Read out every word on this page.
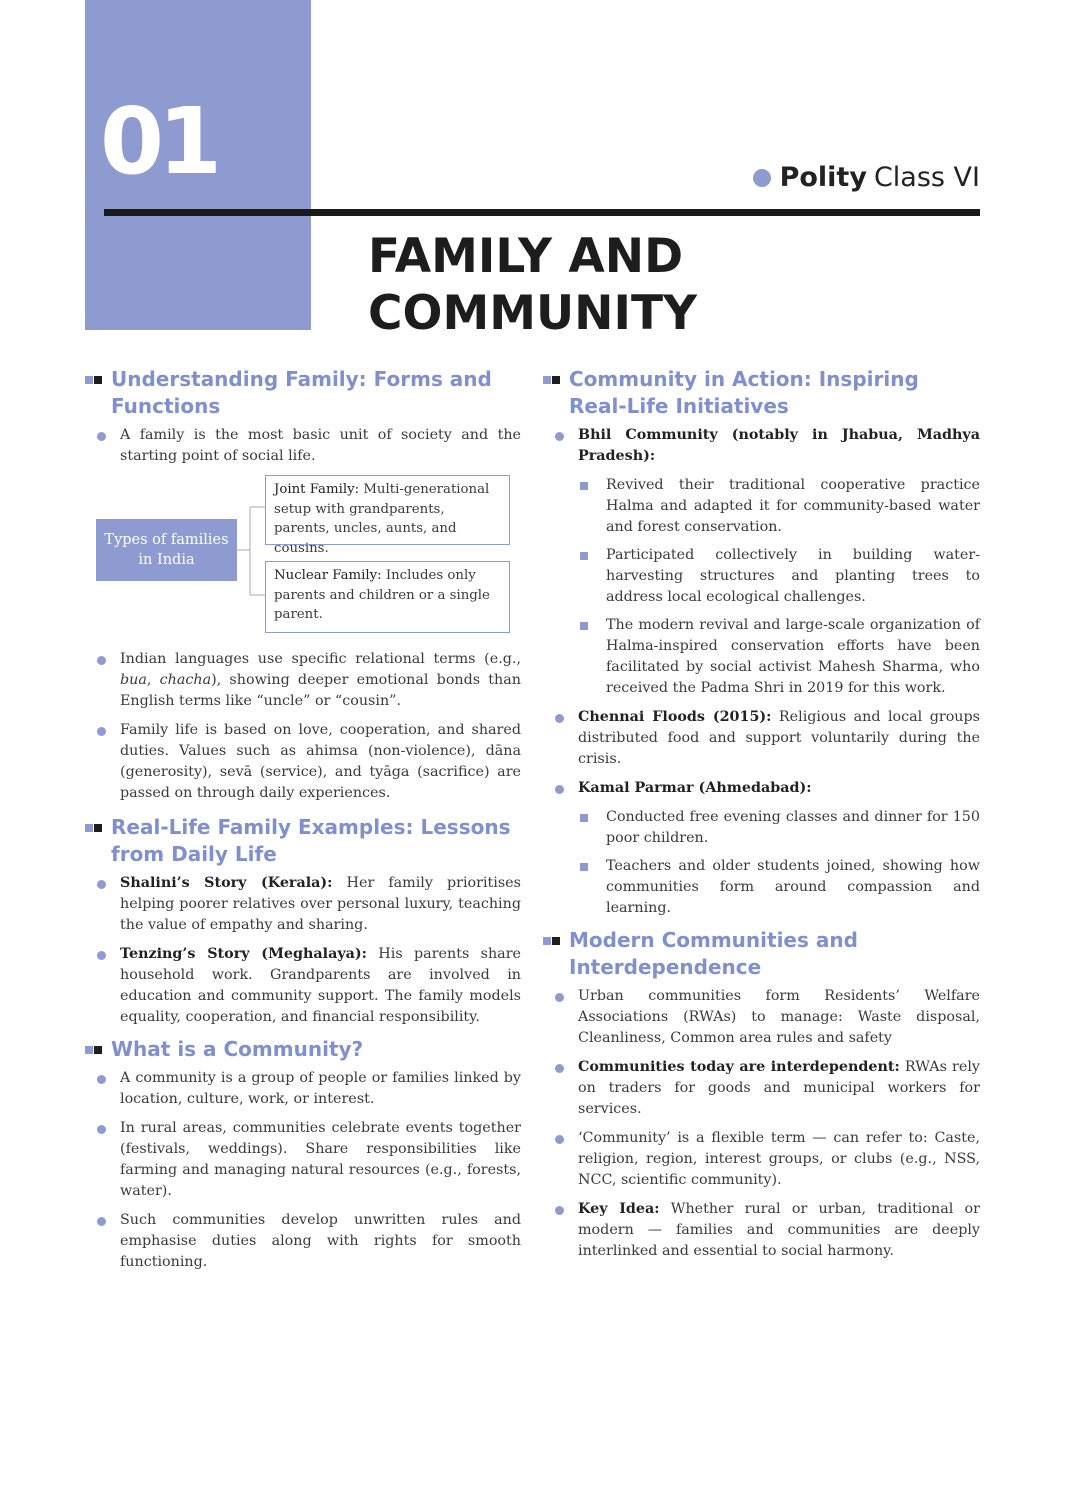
01	Polity Class VI
FAMILY AND
COMMUNITY
Understanding Family: Forms and Functions
A family is the most basic unit of society and the starting point of social life.
Types of families in India
Joint Family: Multi-generational setup with grandparents, parents, uncles, aunts, and cousins.
Nuclear Family: Includes only parents and children or a single parent.
Indian languages use specific relational terms (e.g., bua, chacha), showing deeper emotional bonds than English terms like “uncle” or “cousin”.
Family life is based on love, cooperation, and shared duties. Values such as ahimsa (non-violence), dāna (generosity), sevā (service), and tyāga (sacrifice) are passed on through daily experiences.
Real-Life Family Examples: Lessons from Daily Life
Shalini’s Story (Kerala): Her family prioritises helping poorer relatives over personal luxury, teaching the value of empathy and sharing.
Tenzing’s Story (Meghalaya): His parents share household work. Grandparents are involved in education and community support. The family models equality, cooperation, and financial responsibility.
What is a Community?
A community is a group of people or families linked by location, culture, work, or interest.
In rural areas, communities celebrate events together (festivals, weddings). Share responsibilities like farming and managing natural resources (e.g., forests, water).
Such communities develop unwritten rules and emphasise duties along with rights for smooth functioning.
Community in Action: Inspiring Real-Life Initiatives
Bhil Community (notably in Jhabua, Madhya Pradesh):
Revived their traditional cooperative practice Halma and adapted it for community-based water and forest conservation.
Participated collectively in building water-harvesting structures and planting trees to address local ecological challenges.
The modern revival and large-scale organization of Halma-inspired conservation efforts have been facilitated by social activist Mahesh Sharma, who received the Padma Shri in 2019 for this work.
Chennai Floods (2015): Religious and local groups distributed food and support voluntarily during the crisis.
Kamal Parmar (Ahmedabad):
Conducted free evening classes and dinner for 150 poor children.
Teachers and older students joined, showing how communities form around compassion and learning.
Modern Communities and Interdependence
Urban communities form Residents’ Welfare Associations (RWAs) to manage: Waste disposal, Cleanliness, Common area rules and safety
Communities today are interdependent: RWAs rely on traders for goods and municipal workers for services.
‘Community’ is a flexible term — can refer to: Caste, religion, region, interest groups, or clubs (e.g., NSS, NCC, scientific community).
Key Idea: Whether rural or urban, traditional or modern — families and communities are deeply interlinked and essential to social harmony.
